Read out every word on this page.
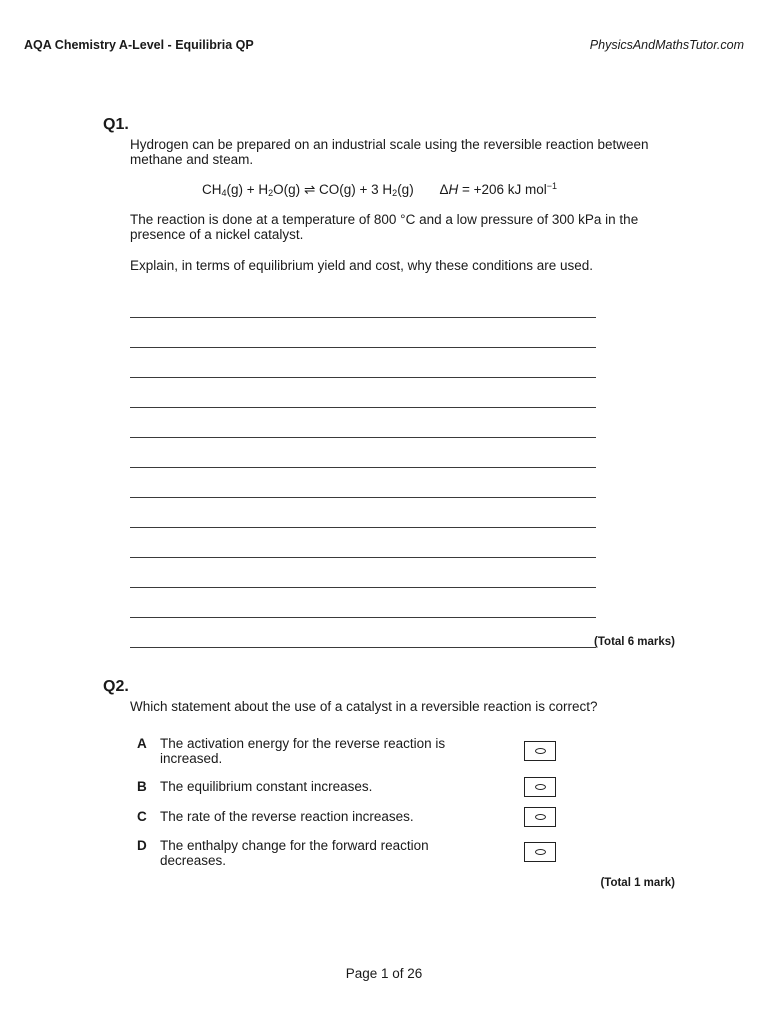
AQA Chemistry A-Level - Equilibria QP	PhysicsAndMathsTutor.com
Q1.
Hydrogen can be prepared on an industrial scale using the reversible reaction between methane and steam.
$CH_4(g) + H_2O(g)$ ⇌ CO(g) + 3 $H_2(g) \Delta H = +206$ kJ mol$^{-1}$
The reaction is done at a temperature of 800 °C and a low pressure of 300 kPa in the presence of a nickel catalyst.
Explain, in terms of equilibrium yield and cost, why these conditions are used.
(Total 6 marks)
Q2.
Which statement about the use of a catalyst in a reversible reaction is correct?
A The activation energy for the reverse reaction is increased.
B The equilibrium constant increases.
C The rate of the reverse reaction increases.
D The enthalpy change for the forward reaction decreases.
(Total 1 mark)
Page 1 of 26
